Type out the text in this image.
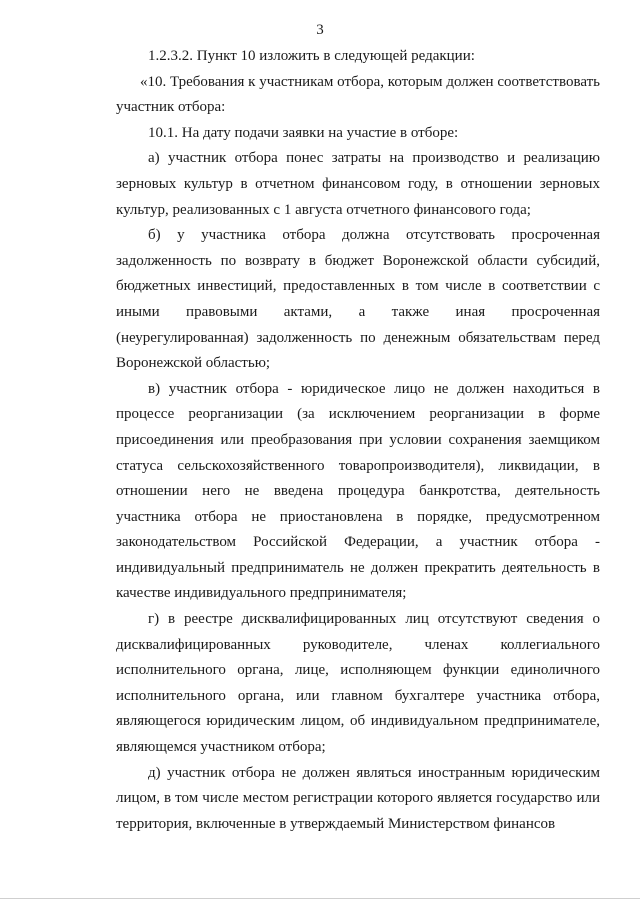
3

1.2.3.2. Пункт 10 изложить в следующей редакции:

«10. Требования к участникам отбора, которым должен соответствовать участник отбора:

10.1. На дату подачи заявки на участие в отборе:

а) участник отбора понес затраты на производство и реализацию зерновых культур в отчетном финансовом году, в отношении зерновых культур, реализованных с 1 августа отчетного финансового года;

б) у участника отбора должна отсутствовать просроченная задолженность по возврату в бюджет Воронежской области субсидий, бюджетных инвестиций, предоставленных в том числе в соответствии с иными правовыми актами, а также иная просроченная (неурегулированная) задолженность по денежным обязательствам перед Воронежской областью;

в) участник отбора - юридическое лицо не должен находиться в процессе реорганизации (за исключением реорганизации в форме присоединения или преобразования при условии сохранения заемщиком статуса сельскохозяйственного товаропроизводителя), ликвидации, в отношении него не введена процедура банкротства, деятельность участника отбора не приостановлена в порядке, предусмотренном законодательством Российской Федерации, а участник отбора - индивидуальный предприниматель не должен прекратить деятельность в качестве индивидуального предпринимателя;

г) в реестре дисквалифицированных лиц отсутствуют сведения о дисквалифицированных руководителе, членах коллегиального исполнительного органа, лице, исполняющем функции единоличного исполнительного органа, или главном бухгалтере участника отбора, являющегося юридическим лицом, об индивидуальном предпринимателе, являющемся участником отбора;

д) участник отбора не должен являться иностранным юридическим лицом, в том числе местом регистрации которого является государство или территория, включенные в утверждаемый Министерством финансов
